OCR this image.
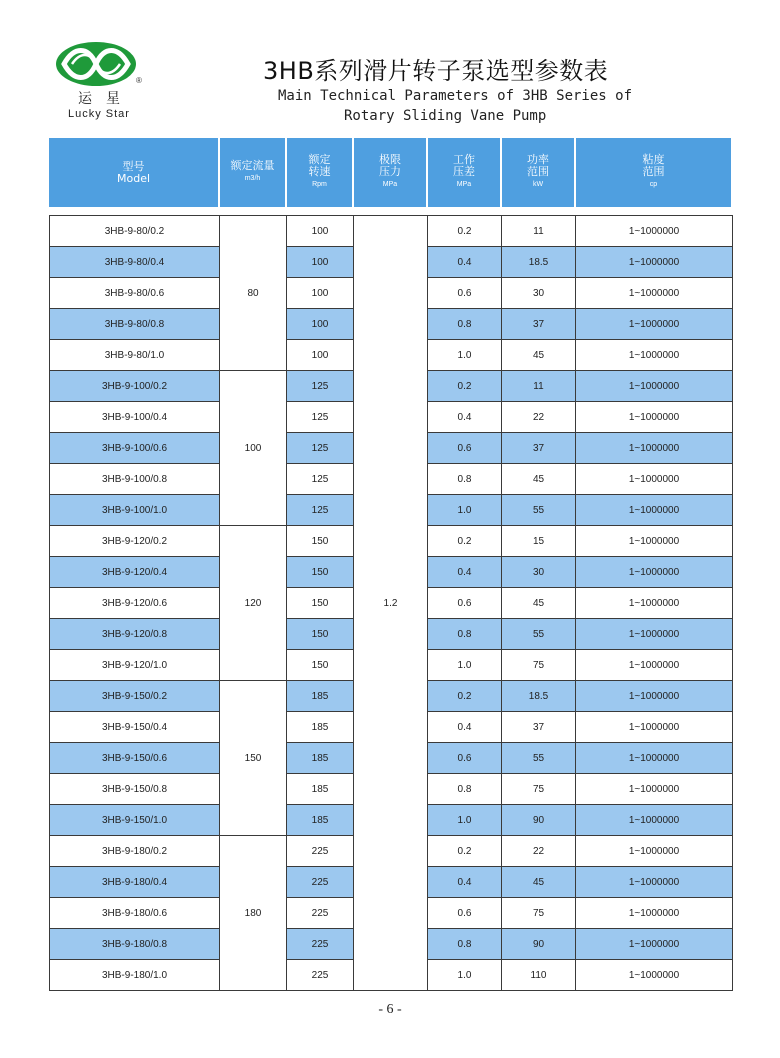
®
运星
Lucky Star
3HB系列滑片转子泵选型参数表
Main Technical Parameters of 3HB Series of
Rotary Sliding Vane Pump
型号
Model
额定流量
m3/h
额定
转速
Rpm
极限
压力
MPa
工作
压差
MPa
功率
范围
kW
粘度
范围
cp
3HB-9-80/0.2	80	100	1.2	0.2	11	1~1000000
3HB-9-80/0.4		100		0.4	18.5	1~1000000
3HB-9-80/0.6		100		0.6	30	1~1000000
3HB-9-80/0.8		100		0.8	37	1~1000000
3HB-9-80/1.0		100		1.0	45	1~1000000
3HB-9-100/0.2	100	125		0.2	11	1~1000000
3HB-9-100/0.4		125		0.4	22	1~1000000
3HB-9-100/0.6		125		0.6	37	1~1000000
3HB-9-100/0.8		125		0.8	45	1~1000000
3HB-9-100/1.0		125		1.0	55	1~1000000
3HB-9-120/0.2	120	150		0.2	15	1~1000000
3HB-9-120/0.4		150		0.4	30	1~1000000
3HB-9-120/0.6		150		0.6	45	1~1000000
3HB-9-120/0.8		150		0.8	55	1~1000000
3HB-9-120/1.0		150		1.0	75	1~1000000
3HB-9-150/0.2	150	185		0.2	18.5	1~1000000
3HB-9-150/0.4		185		0.4	37	1~1000000
3HB-9-150/0.6		185		0.6	55	1~1000000
3HB-9-150/0.8		185		0.8	75	1~1000000
3HB-9-150/1.0		185		1.0	90	1~1000000
3HB-9-180/0.2	180	225		0.2	22	1~1000000
3HB-9-180/0.4		225		0.4	45	1~1000000
3HB-9-180/0.6		225		0.6	75	1~1000000
3HB-9-180/0.8		225		0.8	90	1~1000000
3HB-9-180/1.0		225		1.0	110	1~1000000
- 6 -
